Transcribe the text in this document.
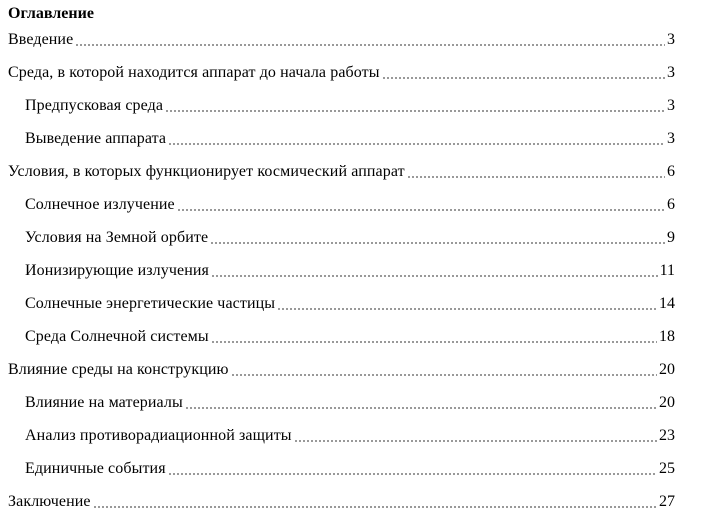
Оглавление
Введение	3
Среда, в которой находится аппарат до начала работы	3
Предпусковая среда	3
Выведение аппарата	3
Условия, в которых функционирует космический аппарат	6
Солнечное излучение	6
Условия на Земной орбите	9
Ионизирующие излучения	11
Солнечные энергетические частицы	14
Среда Солнечной системы	18
Влияние среды на конструкцию	20
Влияние на материалы	20
Анализ противорадиационной защиты	23
Единичные события	25
Заключение	27
